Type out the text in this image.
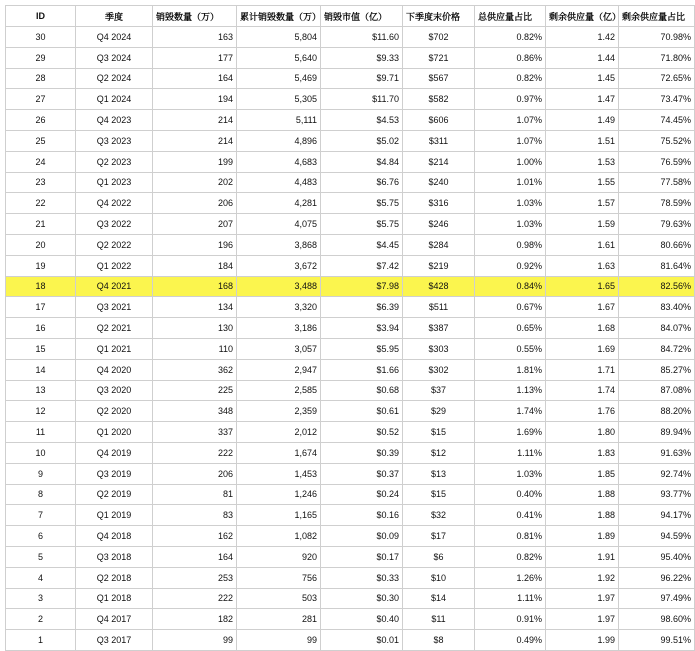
ID	季度	销毁数量（万）	累计销毁数量（万）	销毁市值（亿）	下季度末价格	总供应量占比	剩余供应量（亿）	剩余供应量占比
30	Q4 2024	163	5,804	$11.60	$702	0.82%	1.42	70.98%
29	Q3 2024	177	5,640	$9.33	$721	0.86%	1.44	71.80%
28	Q2 2024	164	5,469	$9.71	$567	0.82%	1.45	72.65%
27	Q1 2024	194	5,305	$11.70	$582	0.97%	1.47	73.47%
26	Q4 2023	214	5,111	$4.53	$606	1.07%	1.49	74.45%
25	Q3 2023	214	4,896	$5.02	$311	1.07%	1.51	75.52%
24	Q2 2023	199	4,683	$4.84	$214	1.00%	1.53	76.59%
23	Q1 2023	202	4,483	$6.76	$240	1.01%	1.55	77.58%
22	Q4 2022	206	4,281	$5.75	$316	1.03%	1.57	78.59%
21	Q3 2022	207	4,075	$5.75	$246	1.03%	1.59	79.63%
20	Q2 2022	196	3,868	$4.45	$284	0.98%	1.61	80.66%
19	Q1 2022	184	3,672	$7.42	$219	0.92%	1.63	81.64%
18	Q4 2021	168	3,488	$7.98	$428	0.84%	1.65	82.56%
17	Q3 2021	134	3,320	$6.39	$511	0.67%	1.67	83.40%
16	Q2 2021	130	3,186	$3.94	$387	0.65%	1.68	84.07%
15	Q1 2021	110	3,057	$5.95	$303	0.55%	1.69	84.72%
14	Q4 2020	362	2,947	$1.66	$302	1.81%	1.71	85.27%
13	Q3 2020	225	2,585	$0.68	$37	1.13%	1.74	87.08%
12	Q2 2020	348	2,359	$0.61	$29	1.74%	1.76	88.20%
11	Q1 2020	337	2,012	$0.52	$15	1.69%	1.80	89.94%
10	Q4 2019	222	1,674	$0.39	$12	1.11%	1.83	91.63%
9	Q3 2019	206	1,453	$0.37	$13	1.03%	1.85	92.74%
8	Q2 2019	81	1,246	$0.24	$15	0.40%	1.88	93.77%
7	Q1 2019	83	1,165	$0.16	$32	0.41%	1.88	94.17%
6	Q4 2018	162	1,082	$0.09	$17	0.81%	1.89	94.59%
5	Q3 2018	164	920	$0.17	$6	0.82%	1.91	95.40%
4	Q2 2018	253	756	$0.33	$10	1.26%	1.92	96.22%
3	Q1 2018	222	503	$0.30	$14	1.11%	1.97	97.49%
2	Q4 2017	182	281	$0.40	$11	0.91%	1.97	98.60%
1	Q3 2017	99	99	$0.01	$8	0.49%	1.99	99.51%
